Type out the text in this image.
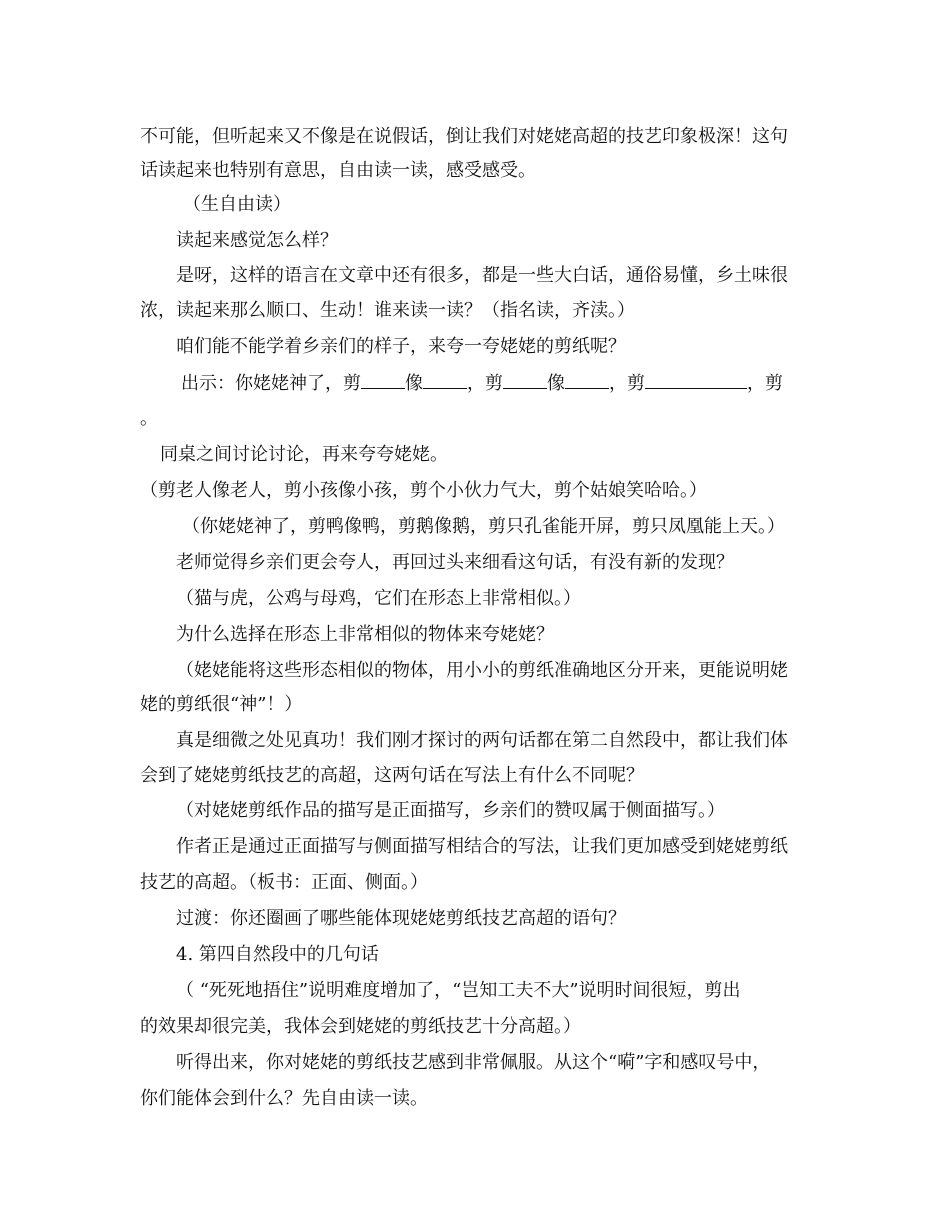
不可能，但听起来又不像是在说假话，倒让我们对姥姥高超的技艺印象极深！这句
话读起来也特别有意思，自由读一读，感受感受。
（生自由读）
读起来感觉怎么样？
是呀，这样的语言在文章中还有很多，都是一些大白话，通俗易懂，乡土味很
浓，读起来那么顺口、生动！谁来读一读？（指名读，齐渎。）
咱们能不能学着乡亲们的样子，来夸一夸姥姥的剪纸呢？
出示：你姥姥神了，剪 像 ，剪 像 ，剪	，剪
。
同桌之间讨论讨论，再来夸夸姥姥。
（剪老人像老人，剪小孩像小孩，剪个小伙力气大，剪个姑娘笑哈哈。）
（你姥姥神了，剪鸭像鸭，剪鹅像鹅，剪只孔雀能开屏，剪只凤凰能上天。）
老师觉得乡亲们更会夸人，再回过头来细看这句话，有没有新的发现？
（猫与虎，公鸡与母鸡，它们在形态上非常相似。）
为什么选择在形态上非常相似的物体来夸姥姥？
（姥姥能将这些形态相似的物体，用小小的剪纸准确地区分开来，更能说明姥
姥的剪纸很“神”！）
真是细微之处见真功！我们刚才探讨的两句话都在第二自然段中，都让我们体
会到了姥姥剪纸技艺的高超，这两句话在写法上有什么不同呢？
（对姥姥剪纸作品的描写是正面描写，乡亲们的赞叹属于侧面描写。）
作者正是通过正面描写与侧面描写相结合的写法，让我们更加感受到姥姥剪纸
技艺的高超。（板书：正面、侧面。）
过渡：你还圈画了哪些能体现姥姥剪纸技艺高超的语句？
4. 第四自然段中的几句话
（ “死死地捂住”说明难度增加了，“岂知工夫不大”说明时间很短，剪出
的效果却很完美，我体会到姥姥的剪纸技艺十分高超。）
听得出来，你对姥姥的剪纸技艺感到非常佩服。从这个“嗬”字和感叹号中，
你们能体会到什么？先自由读一读。
